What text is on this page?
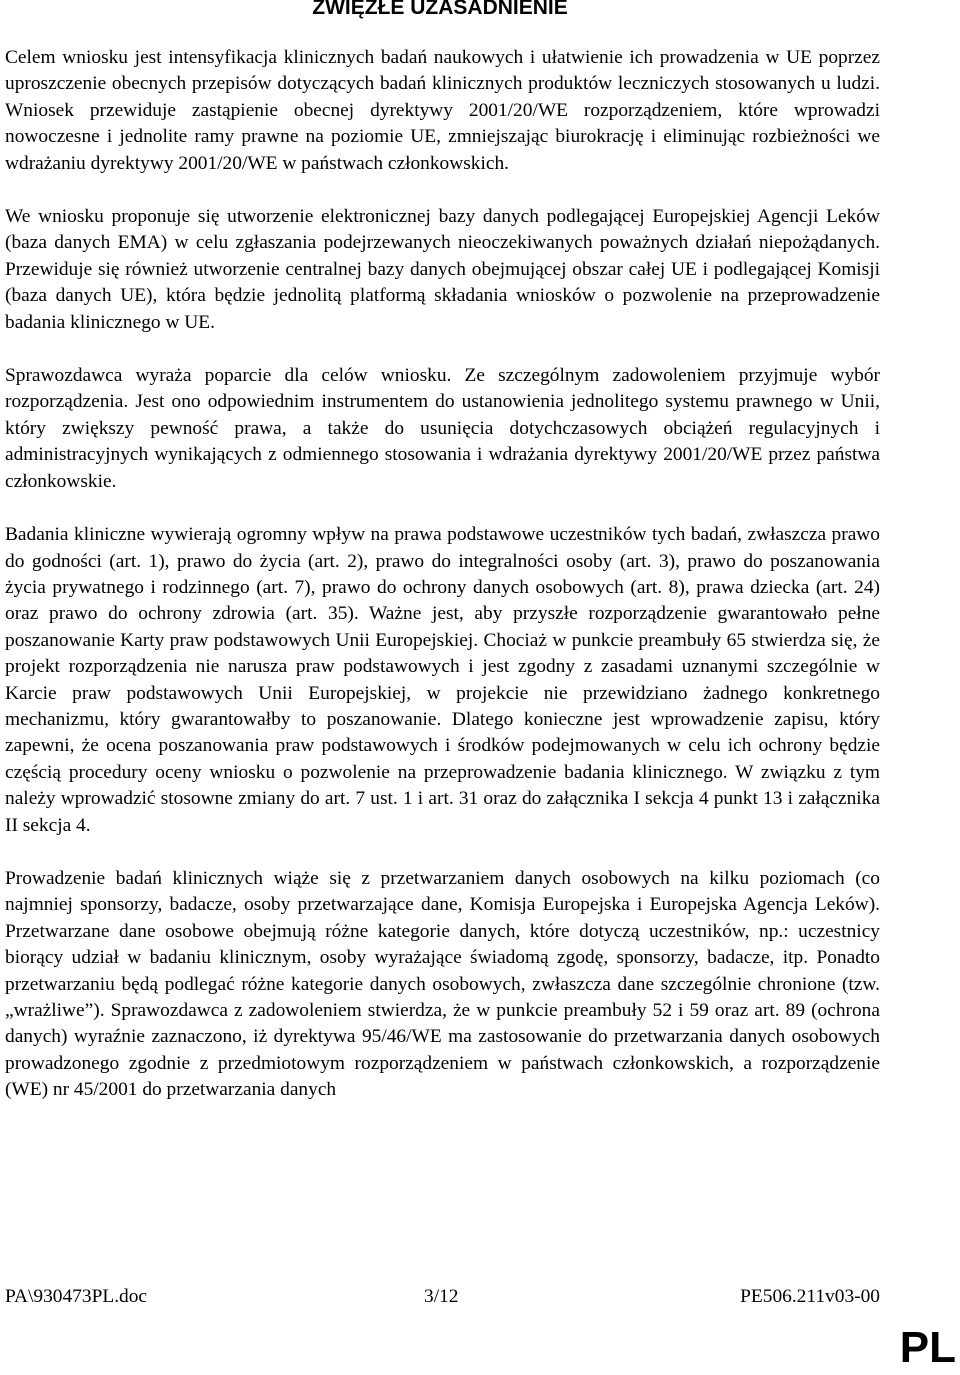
ZWIĘZŁE UZASADNIENIE

Celem wniosku jest intensyfikacja klinicznych badań naukowych i ułatwienie ich prowadzenia w UE poprzez uproszczenie obecnych przepisów dotyczących badań klinicznych produktów leczniczych stosowanych u ludzi. Wniosek przewiduje zastąpienie obecnej dyrektywy 2001/20/WE rozporządzeniem, które wprowadzi nowoczesne i jednolite ramy prawne na poziomie UE, zmniejszając biurokrację i eliminując rozbieżności we wdrażaniu dyrektywy 2001/20/WE w państwach członkowskich.

We wniosku proponuje się utworzenie elektronicznej bazy danych podlegającej Europejskiej Agencji Leków (baza danych EMA) w celu zgłaszania podejrzewanych nieoczekiwanych poważnych działań niepożądanych. Przewiduje się również utworzenie centralnej bazy danych obejmującej obszar całej UE i podlegającej Komisji (baza danych UE), która będzie jednolitą platformą składania wniosków o pozwolenie na przeprowadzenie badania klinicznego w UE.

Sprawozdawca wyraża poparcie dla celów wniosku. Ze szczególnym zadowoleniem przyjmuje wybór rozporządzenia. Jest ono odpowiednim instrumentem do ustanowienia jednolitego systemu prawnego w Unii, który zwiększy pewność prawa, a także do usunięcia dotychczasowych obciążeń regulacyjnych i administracyjnych wynikających z odmiennego stosowania i wdrażania dyrektywy 2001/20/WE przez państwa członkowskie.

Badania kliniczne wywierają ogromny wpływ na prawa podstawowe uczestników tych badań, zwłaszcza prawo do godności (art. 1), prawo do życia (art. 2), prawo do integralności osoby (art. 3), prawo do poszanowania życia prywatnego i rodzinnego (art. 7), prawo do ochrony danych osobowych (art. 8), prawa dziecka (art. 24) oraz prawo do ochrony zdrowia (art. 35). Ważne jest, aby przyszłe rozporządzenie gwarantowało pełne poszanowanie Karty praw podstawowych Unii Europejskiej. Chociaż w punkcie preambuły 65 stwierdza się, że projekt rozporządzenia nie narusza praw podstawowych i jest zgodny z zasadami uznanymi szczególnie w Karcie praw podstawowych Unii Europejskiej, w projekcie nie przewidziano żadnego konkretnego mechanizmu, który gwarantowałby to poszanowanie. Dlatego konieczne jest wprowadzenie zapisu, który zapewni, że ocena poszanowania praw podstawowych i środków podejmowanych w celu ich ochrony będzie częścią procedury oceny wniosku o pozwolenie na przeprowadzenie badania klinicznego. W związku z tym należy wprowadzić stosowne zmiany do art. 7 ust. 1 i art. 31 oraz do załącznika I sekcja 4 punkt 13 i załącznika II sekcja 4.

Prowadzenie badań klinicznych wiąże się z przetwarzaniem danych osobowych na kilku poziomach (co najmniej sponsorzy, badacze, osoby przetwarzające dane, Komisja Europejska i Europejska Agencja Leków). Przetwarzane dane osobowe obejmują różne kategorie danych, które dotyczą uczestników, np.: uczestnicy biorący udział w badaniu klinicznym, osoby wyrażające świadomą zgodę, sponsorzy, badacze, itp. Ponadto przetwarzaniu będą podlegać różne kategorie danych osobowych, zwłaszcza dane szczególnie chronione (tzw. „wrażliwe”). Sprawozdawca z zadowoleniem stwierdza, że w punkcie preambuły 52 i 59 oraz art. 89 (ochrona danych) wyraźnie zaznaczono, iż dyrektywa 95/46/WE ma zastosowanie do przetwarzania danych osobowych prowadzonego zgodnie z przedmiotowym rozporządzeniem w państwach członkowskich, a rozporządzenie (WE) nr 45/2001 do przetwarzania danych

PA\930473PL.doc	3/12	PE506.211v03-00
PL
